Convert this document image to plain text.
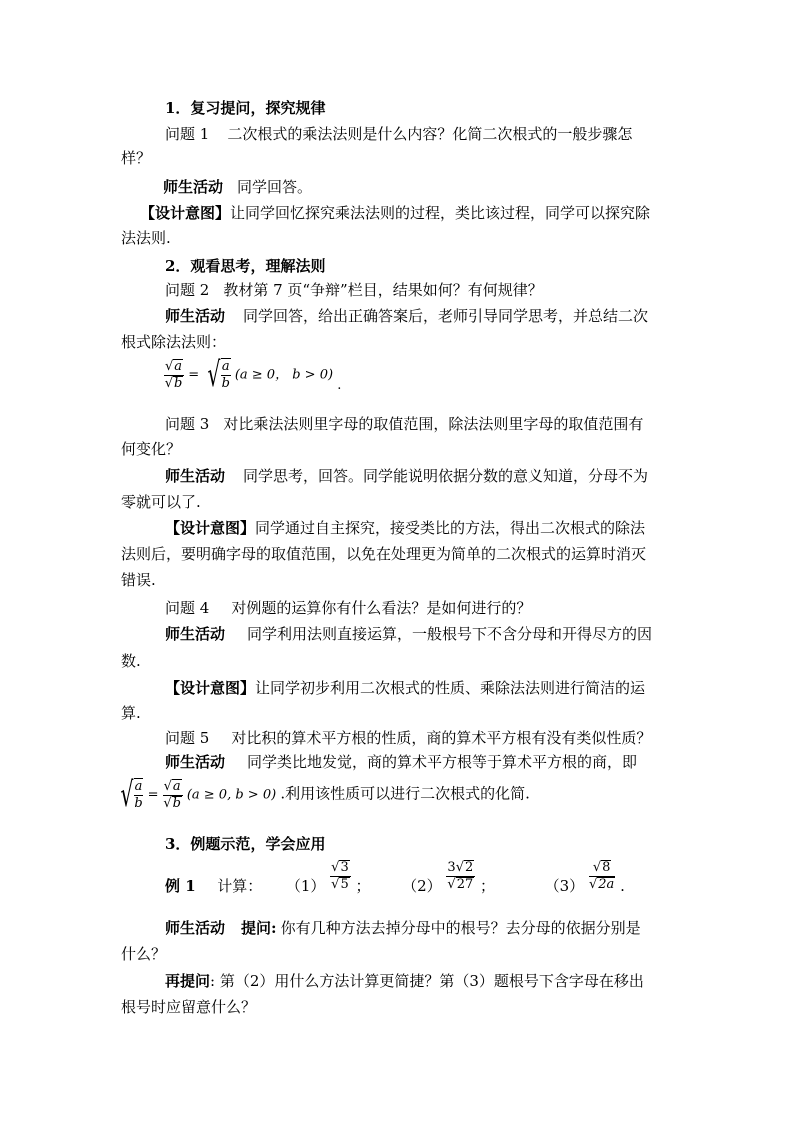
1．复习提问，探究规律
问题 1 二次根式的乘法法则是什么内容？化简二次根式的一般步骤怎
样？
师生活动 同学回答。
【设计意图】让同学回忆探究乘法法则的过程，类比该过程，同学可以探究除
法法则.
2．观看思考，理解法则
问题 2 教材第 7 页“争辩”栏目，结果如何？有何规律？
师生活动 同学回答，给出正确答案后，老师引导同学思考，并总结二次
根式除法法则：
$\frac{√a}{√b}$ = √ $\frac{a}{b} (a \ge 0$， b > 0) .
问题 3 对比乘法法则里字母的取值范围，除法法则里字母的取值范围有
何变化？
师生活动 同学思考，回答。同学能说明依据分数的意义知道，分母不为
零就可以了.
【设计意图】同学通过自主探究，接受类比的方法，得出二次根式的除法
法则后，要明确字母的取值范围，以免在处理更为简单的二次根式的运算时消灭
错误.
问题 4 对例题的运算你有什么看法？是如何进行的？
师生活动 同学利用法则直接运算，一般根号下不含分母和开得尽方的因
数.
【设计意图】让同学初步利用二次根式的性质、乘除法法则进行简洁的运
算.
问题 5 对比积的算术平方根的性质，商的算术平方根有没有类似性质？
师生活动 同学类比地发觉，商的算术平方根等于算术平方根的商，即
√ $\frac{a}{b} = \frac{√a}{√b} (a \ge 0$, b > 0) .利用该性质可以进行二次根式的化简.
3．例题示范，学会应用
例 1 计算： $(1) \frac{√3}{√5}$ ； $(2) \frac{3√2}{√27}$ ；	$(3) \frac{√8}{√2a}$ .
师生活动 提问: 你有几种方法去掉分母中的根号？去分母的依据分别是
什么？
再提问: 第（2）用什么方法计算更简捷？第（3）题根号下含字母在移出
根号时应留意什么？
